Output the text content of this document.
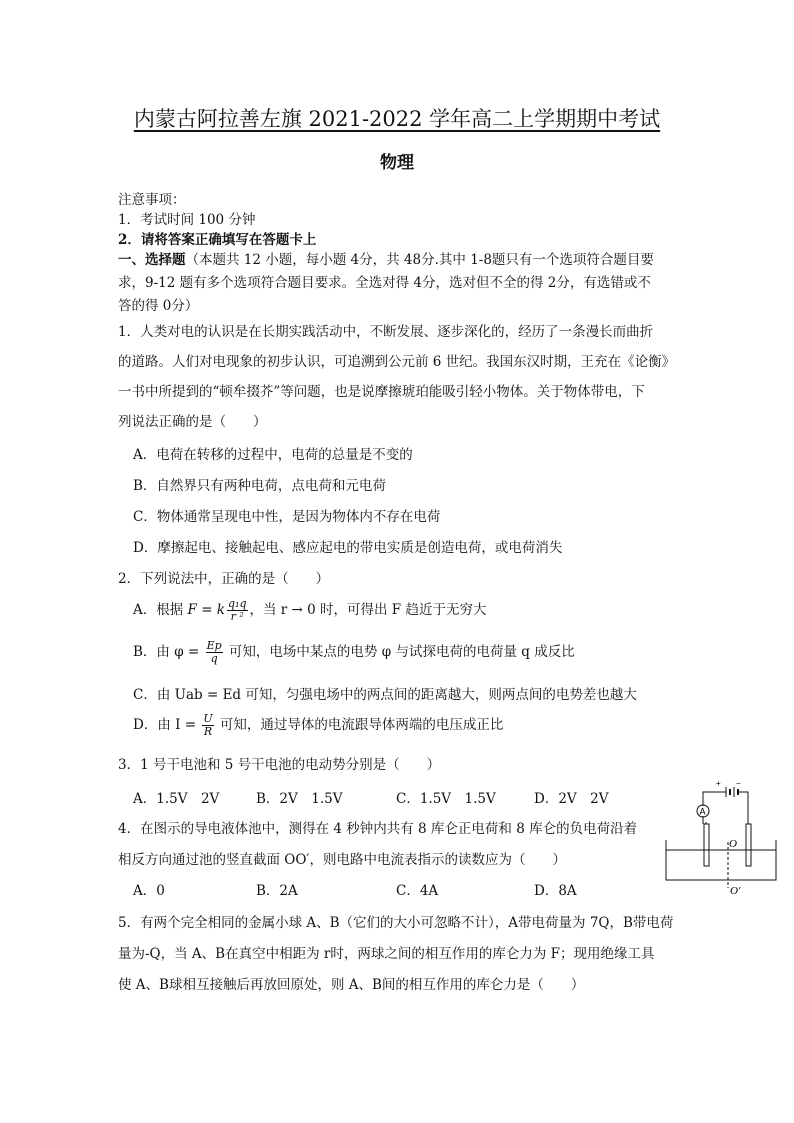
内蒙古阿拉善左旗 2021-2022 学年高二上学期期中考试
物理
注意事项：
1．考试时间 100 分钟
2．请将答案正确填写在答题卡上
一、选择题（本题共 12 小题，每小题 4分，共 48分.其中 1-8题只有一个选项符合题目要
求，9-12 题有多个选项符合题目要求。全选对得 4分，选对但不全的得 2分，有选错或不
答的得 0分）
1．人类对电的认识是在长期实践活动中，不断发展、逐步深化的，经历了一条漫长而曲折
的道路。人们对电现象的初步认识，可追溯到公元前 6 世纪。我国东汉时期，王充在《论衡》
一书中所提到的“顿牟掇芥”等问题，也是说摩擦琥珀能吸引轻小物体。关于物体带电，下
列说法正确的是（　　）
A．电荷在转移的过程中，电荷的总量是不变的
B．自然界只有两种电荷，点电荷和元电荷
C．物体通常呈现电中性，是因为物体内不存在电荷
D．摩擦起电、接触起电、感应起电的带电实质是创造电荷，或电荷消失
2．下列说法中，正确的是（　　）
A．根据 F = k $\frac{\text{q₁q}}{\text{r ²}}$ ，当 r → 0 时，可得出 F 趋近于无穷大
B．由 $\varphi = \frac{Ep}{q}$ 可知，电场中某点的电势 φ 与试探电荷的电荷量 q 成反比
C．由 Uab = Ed 可知，匀强电场中的两点间的距离越大，则两点间的电势差也越大
D．由 $I = \frac{U}{R}$ 可知，通过导体的电流跟导体两端的电压成正比
3．1 号干电池和 5 号干电池的电动势分别是（　　）
A．1.5V　2V	B．2V　1.5V	C．1.5V　1.5V	D．2V　2V
4．在图示的导电液体池中，测得在 4 秒钟内共有 8 库仑正电荷和 8 库仑的负电荷沿着
相反方向通过池的竖直截面 OO′，则电路中电流表指示的读数应为（　　）
A．0	B．2A	C．4A	D．8A
A
+ −
O
O′
5．有两个完全相同的金属小球 A、B（它们的大小可忽略不计），A带电荷量为 7Q，B带电荷
量为-Q，当 A、B在真空中相距为 r时，两球之间的相互作用的库仑力为 F；现用绝缘工具
使 A、B球相互接触后再放回原处，则 A、B间的相互作用的库仑力是（　　）
